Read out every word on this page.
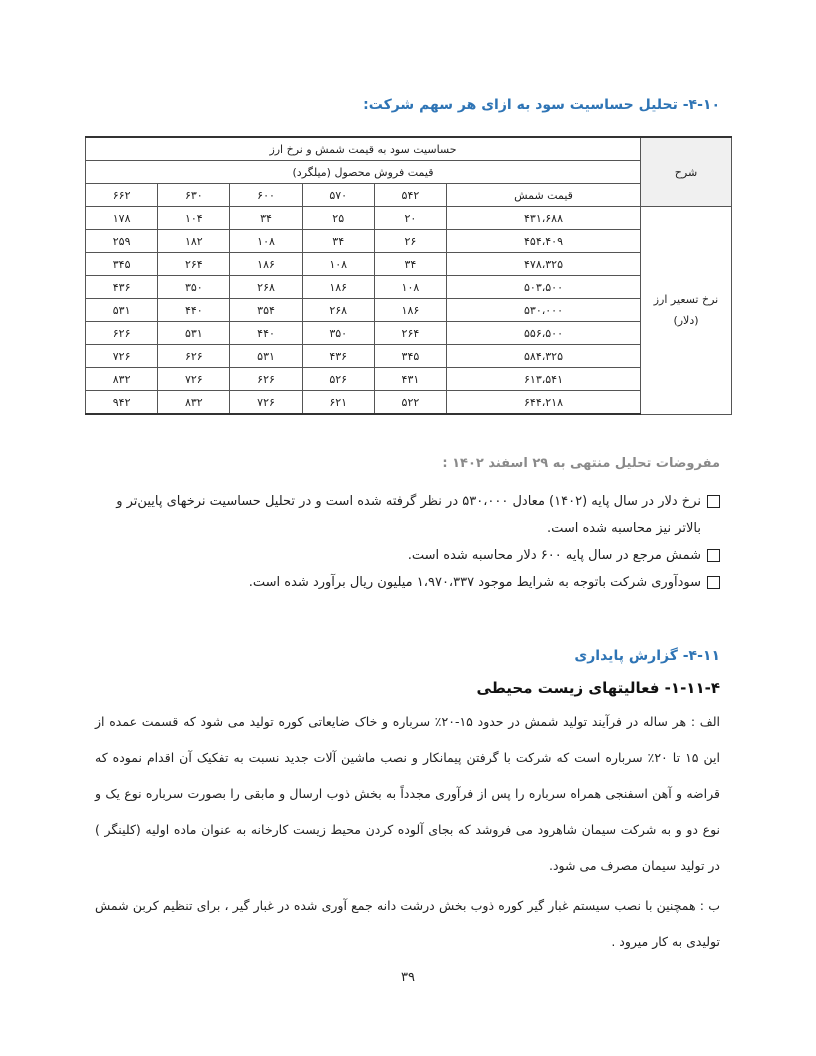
۴-۱۰- تحلیل حساسیت سود به ازای هر سهم شرکت:
شرح	حساسیت سود به قیمت شمش و نرخ ارز					
	قیمت فروش محصول (میلگرد)					
	قیمت شمش	۵۴۲	۵۷۰	۶۰۰	۶۳۰	۶۶۲

نرخ تسعیر ارز
(دلار)	۴۳۱،۶۸۸	۲۰	۲۵	۳۴	۱۰۴	۱۷۸
	۴۵۴،۴۰۹	۲۶	۳۴	۱۰۸	۱۸۲	۲۵۹
	۴۷۸،۳۲۵	۳۴	۱۰۸	۱۸۶	۲۶۴	۳۴۵
	۵۰۳،۵۰۰	۱۰۸	۱۸۶	۲۶۸	۳۵۰	۴۳۶
	۵۳۰،۰۰۰	۱۸۶	۲۶۸	۳۵۴	۴۴۰	۵۳۱
	۵۵۶،۵۰۰	۲۶۴	۳۵۰	۴۴۰	۵۳۱	۶۲۶
	۵۸۴،۳۲۵	۳۴۵	۴۳۶	۵۳۱	۶۲۶	۷۲۶
	۶۱۳،۵۴۱	۴۳۱	۵۲۶	۶۲۶	۷۲۶	۸۳۲
	۶۴۴،۲۱۸	۵۲۲	۶۲۱	۷۲۶	۸۳۲	۹۴۲
مفروضات تحلیل منتهی به ۲۹ اسفند ۱۴۰۲ :
نرخ دلار در سال پایه (۱۴۰۲) معادل ۵۳۰،۰۰۰ در نظر گرفته شده است و در تحلیل حساسیت نرخهای پایین‌تر و بالاتر نیز محاسبه شده است.
شمش مرجع در سال پایه ۶۰۰ دلار محاسبه شده است.
سودآوری شرکت باتوجه به شرایط موجود ۱،۹۷۰،۳۳۷ میلیون ریال برآورد شده است.
۴-۱۱- گزارش پایداری
۱-۱۱-۴- فعالیتهای زیست محیطی
الف : هر ساله در فرآیند تولید شمش در حدود ۱۵-۲۰٪ سرباره و خاک ضایعاتی کوره تولید می شود که قسمت عمده از این ۱۵ تا ۲۰٪ سرباره است که شرکت با گرفتن پیمانکار و نصب ماشین آلات جدید نسبت به تفکیک آن اقدام نموده که قراضه و آهن اسفنجی همراه سرباره را پس از فرآوری مجدداً به بخش ذوب ارسال و مابقی را بصورت سرباره نوع یک و نوع دو و به شرکت سیمان شاهرود می فروشد که بجای آلوده کردن محیط زیست کارخانه به عنوان ماده اولیه (کلینگر ) در تولید سیمان مصرف می شود.
ب : همچنین با نصب سیستم غبار گیر کوره ذوب بخش درشت دانه جمع آوری شده در غبار گیر ، برای تنظیم کربن شمش تولیدی به کار میرود .
۳۹
